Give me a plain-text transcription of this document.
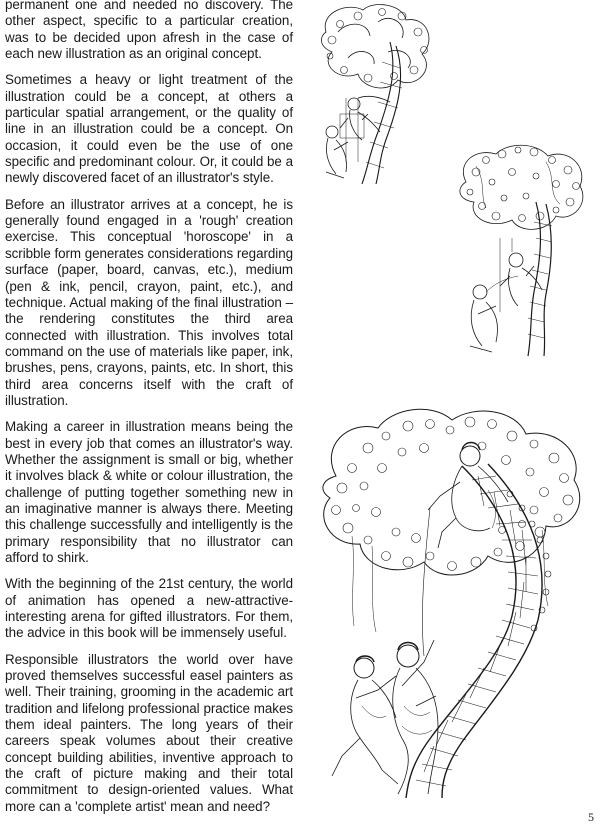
permanent one and needed no discovery. The other aspect, specific to a particular creation, was to be decided upon afresh in the case of each new illustration as an original concept.

Sometimes a heavy or light treatment of the illustration could be a concept, at others a particular spatial arrangement, or the quality of line in an illustration could be a concept. On occasion, it could even be the use of one specific and predominant colour. Or, it could be a newly discovered facet of an illustrator's style.

Before an illustrator arrives at a concept, he is generally found engaged in a 'rough' creation exercise. This conceptual 'horoscope' in a scribble form generates considerations regarding surface (paper, board, canvas, etc.), medium (pen & ink, pencil, crayon, paint, etc.), and technique. Actual making of the final illustration – the rendering constitutes the third area connected with illustration. This involves total command on the use of materials like paper, ink, brushes, pens, crayons, paints, etc. In short, this third area concerns itself with the craft of illustration.

Making a career in illustration means being the best in every job that comes an illustrator's way. Whether the assignment is small or big, whether it involves black & white or colour illustration, the challenge of putting together something new in an imaginative manner is always there. Meeting this challenge successfully and intelligently is the primary responsibility that no illustrator can afford to shirk.

With the beginning of the 21st century, the world of animation has opened a new-attractive-interesting arena for gifted illustrators. For them, the advice in this book will be immensely useful.

Responsible illustrators the world over have proved themselves successful easel painters as well. Their training, grooming in the academic art tradition and lifelong professional practice makes them ideal painters. The long years of their careers speak volumes about their creative concept building abilities, inventive approach to the craft of picture making and their total commitment to design-oriented values. What more can a 'complete artist' mean and need?

5
